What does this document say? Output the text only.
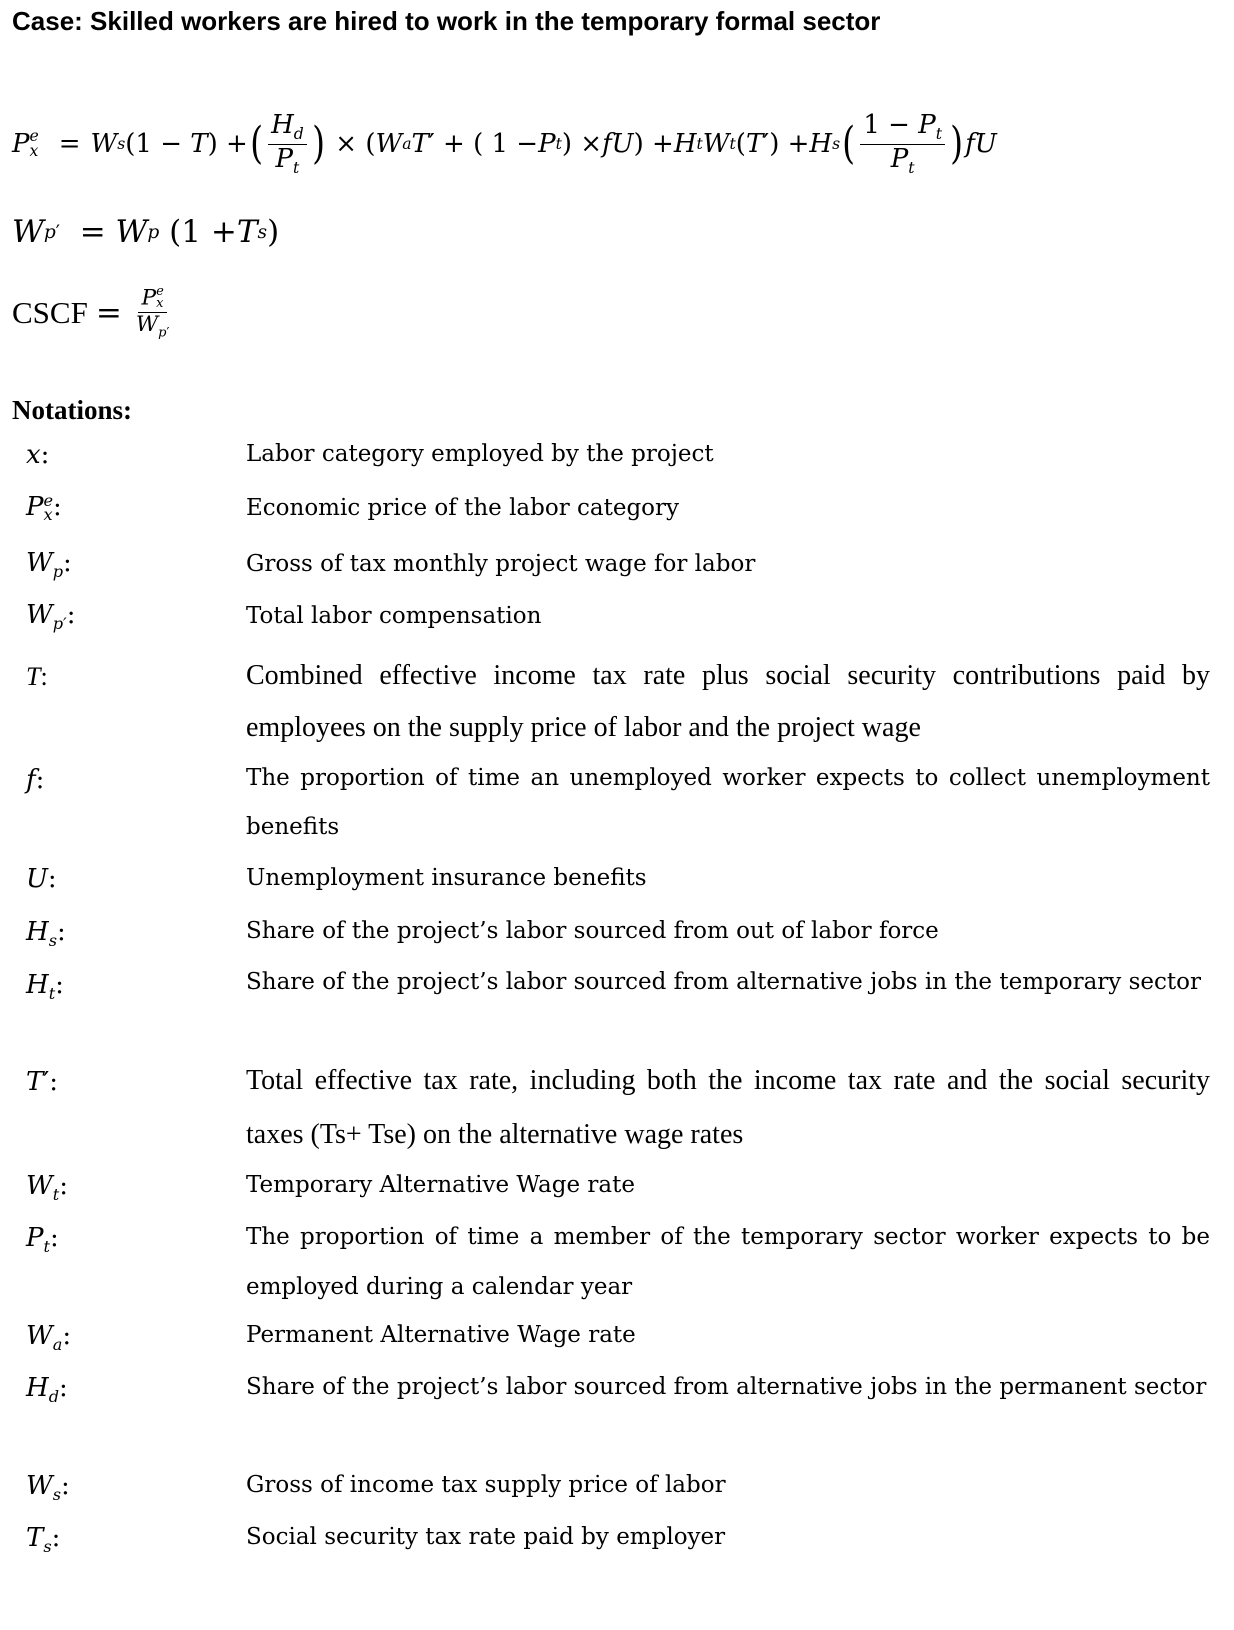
Case: Skilled workers are hired to work in the temporary formal sector
P e
x = W s (1 − T ) + ( $\frac{H_d}{P_t}$ ) × ( W a T ′ + ( 1 − P t ) × fU ) + H t W t ( T ′) + H s ( $\frac{1 - P_t}{P_t}$ ) fU
W p′ = W p (1 + T s )
CSCF = P e
x
$W_{p'}$
Notations:
x:
P e
x :
$W_p$:
$W_{p'}$:
T:
f:
U:
$H_s$:
$H_t$:
T′:
$W_t$:
$P_t$:
$W_a$:
$H_d$:
$W_s$:
$T_s$:
Labor category employed by the project
Economic price of the labor category
Gross of tax monthly project wage for labor
Total labor compensation
Combined effective income tax rate plus social security contributions paid by employees on the supply price of labor and the project wage
The proportion of time an unemployed worker expects to collect unemployment benefits
Unemployment insurance benefits
Share of the project’s labor sourced from out of labor force
Share of the project’s labor sourced from alternative jobs in the temporary sector
Total effective tax rate, including both the income tax rate and the social security taxes (Ts+ Tse) on the alternative wage rates
Temporary Alternative Wage rate
The proportion of time a member of the temporary sector worker expects to be employed during a calendar year
Permanent Alternative Wage rate
Share of the project’s labor sourced from alternative jobs in the permanent sector
Gross of income tax supply price of labor
Social security tax rate paid by employer
